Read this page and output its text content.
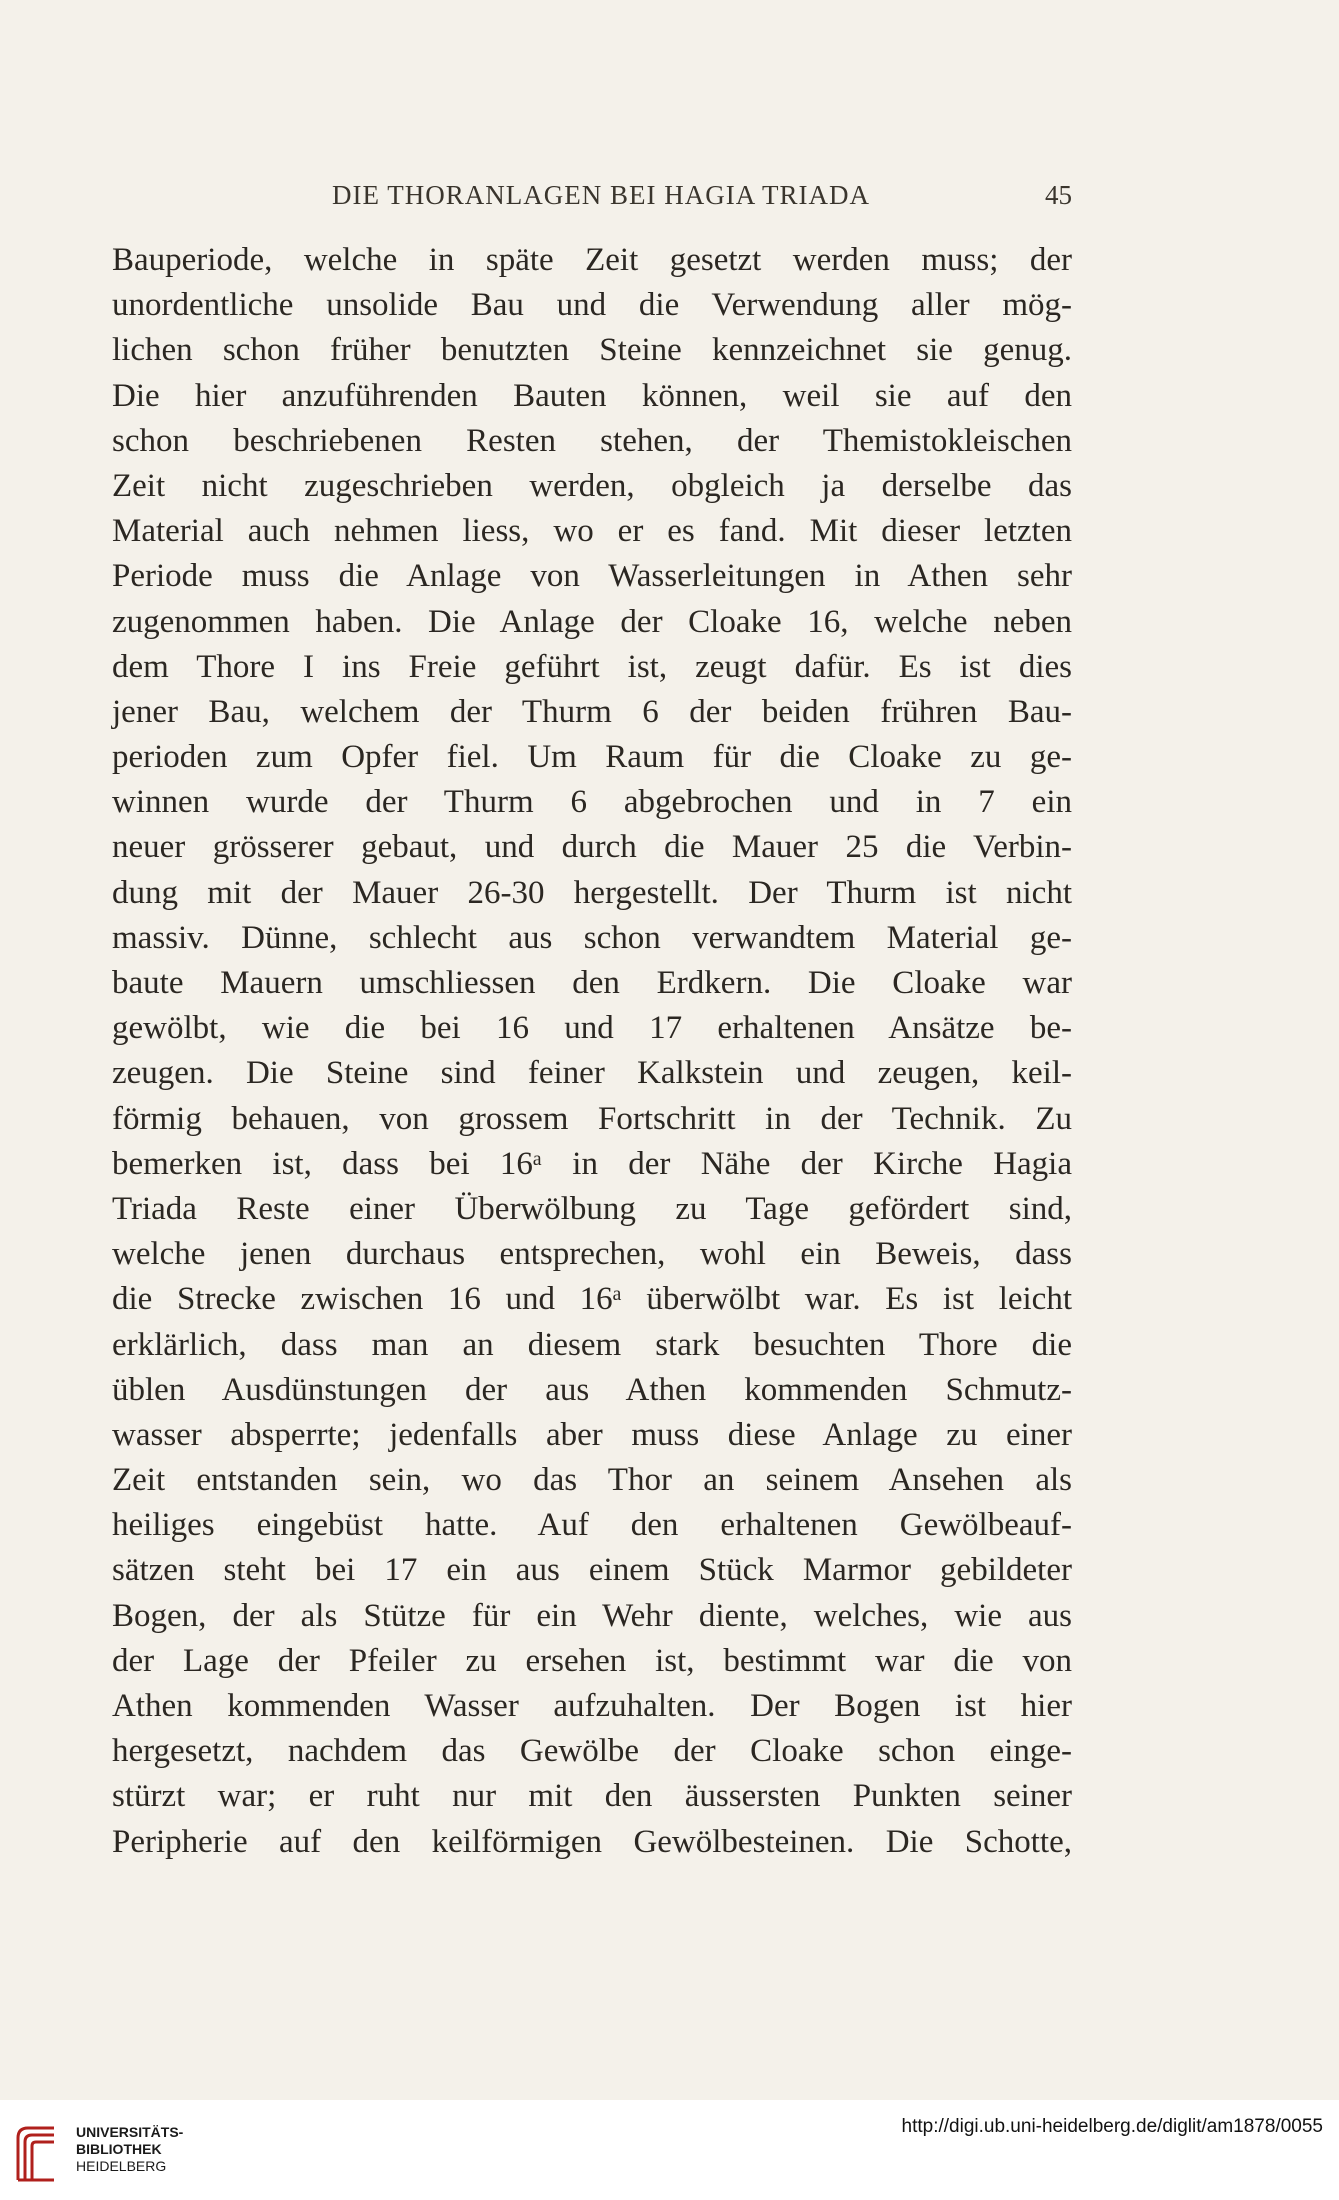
DIE THORANLAGEN BEI HAGIA TRIADA	45
Bauperiode, welche in späte Zeit gesetzt werden muss; der
unordentliche unsolide Bau und die Verwendung aller mög-
lichen schon früher benutzten Steine kennzeichnet sie genug.
Die hier anzuführenden Bauten können, weil sie auf den
schon beschriebenen Resten stehen, der Themistokleischen
Zeit nicht zugeschrieben werden, obgleich ja derselbe das
Material auch nehmen liess, wo er es fand. Mit dieser letzten
Periode muss die Anlage von Wasserleitungen in Athen sehr
zugenommen haben. Die Anlage der Cloake 16, welche neben
dem Thore I ins Freie geführt ist, zeugt dafür. Es ist dies
jener Bau, welchem der Thurm 6 der beiden frühren Bau-
perioden zum Opfer fiel. Um Raum für die Cloake zu ge-
winnen wurde der Thurm 6 abgebrochen und in 7 ein
neuer grösserer gebaut, und durch die Mauer 25 die Verbin-
dung mit der Mauer 26-30 hergestellt. Der Thurm ist nicht
massiv. Dünne, schlecht aus schon verwandtem Material ge-
baute Mauern umschliessen den Erdkern. Die Cloake war
gewölbt, wie die bei 16 und 17 erhaltenen Ansätze be-
zeugen. Die Steine sind feiner Kalkstein und zeugen, keil-
förmig behauen, von grossem Fortschritt in der Technik. Zu
bemerken ist, dass bei 16ᵃ in der Nähe der Kirche Hagia
Triada Reste einer Überwölbung zu Tage gefördert sind,
welche jenen durchaus entsprechen, wohl ein Beweis, dass
die Strecke zwischen 16 und 16ᵃ überwölbt war. Es ist leicht
erklärlich, dass man an diesem stark besuchten Thore die
üblen Ausdünstungen der aus Athen kommenden Schmutz-
wasser absperrte; jedenfalls aber muss diese Anlage zu einer
Zeit entstanden sein, wo das Thor an seinem Ansehen als
heiliges eingebüst hatte. Auf den erhaltenen Gewölbeauf-
sätzen steht bei 17 ein aus einem Stück Marmor gebildeter
Bogen, der als Stütze für ein Wehr diente, welches, wie aus
der Lage der Pfeiler zu ersehen ist, bestimmt war die von
Athen kommenden Wasser aufzuhalten. Der Bogen ist hier
hergesetzt, nachdem das Gewölbe der Cloake schon einge-
stürzt war; er ruht nur mit den äussersten Punkten seiner
Peripherie auf den keilförmigen Gewölbesteinen. Die Schotte,
UNIVERSITÄTS-
BIBLIOTHEK
HEIDELBERG
http://digi.ub.uni-heidelberg.de/diglit/am1878/0055
